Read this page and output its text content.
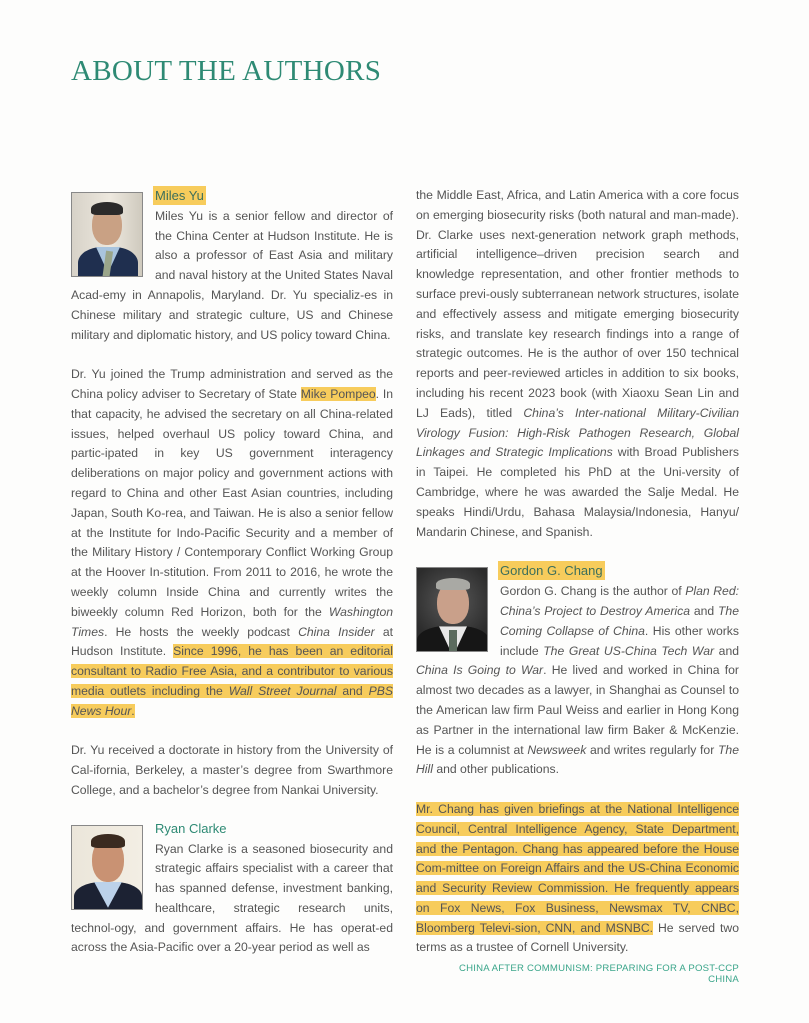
ABOUT THE AUTHORS
Miles Yu

Miles Yu is a senior fellow and director of the China Center at Hudson Institute. He is also a professor of East Asia and military and naval history at the United States Naval Acad-emy in Annapolis, Maryland. Dr. Yu specializ-es in Chinese military and strategic culture, US and Chinese military and diplomatic history, and US policy toward China.

Dr. Yu joined the Trump administration and served as the China policy adviser to Secretary of State Mike Pompeo. In that capacity, he advised the secretary on all China-related issues, helped overhaul US policy toward China, and partic-ipated in key US government interagency deliberations on major policy and government actions with regard to China and other East Asian countries, including Japan, South Ko-rea, and Taiwan. He is also a senior fellow at the Institute for Indo-Pacific Security and a member of the Military History / Contemporary Conflict Working Group at the Hoover In-stitution. From 2011 to 2016, he wrote the weekly column Inside China and currently writes the biweekly column Red Horizon, both for the Washington Times. He hosts the weekly podcast China Insider at Hudson Institute. Since 1996, he has been an editorial consultant to Radio Free Asia, and a contributor to various media outlets including the Wall Street Journal and PBS News Hour.

Dr. Yu received a doctorate in history from the University of Cal-ifornia, Berkeley, a master’s degree from Swarthmore College, and a bachelor’s degree from Nankai University.

Ryan Clarke

Ryan Clarke is a seasoned biosecurity and strategic affairs specialist with a career that has spanned defense, investment banking, healthcare, strategic research units, technol-ogy, and government affairs. He has operat-ed across the Asia-Pacific over a 20-year period as well as

the Middle East, Africa, and Latin America with a core focus on emerging biosecurity risks (both natural and man-made). Dr. Clarke uses next-generation network graph methods, artificial intelligence–driven precision search and knowledge representation, and other frontier methods to surface previ-ously subterranean network structures, isolate and effectively assess and mitigate emerging biosecurity risks, and translate key research findings into a range of strategic outcomes. He is the author of over 150 technical reports and peer-reviewed articles in addition to six books, including his recent 2023 book (with Xiaoxu Sean Lin and LJ Eads), titled China’s Inter-national Military-Civilian Virology Fusion: High-Risk Pathogen Research, Global Linkages and Strategic Implications with Broad Publishers in Taipei. He completed his PhD at the Uni-versity of Cambridge, where he was awarded the Salje Medal. He speaks Hindi/Urdu, Bahasa Malaysia/Indonesia, Hanyu/ Mandarin Chinese, and Spanish.

Gordon G. Chang

Gordon G. Chang is the author of Plan Red: China’s Project to Destroy America and The Coming Collapse of China. His other works include The Great US-China Tech War and China Is Going to War. He lived and worked in China for almost two decades as a lawyer, in Shanghai as Counsel to the American law firm Paul Weiss and earlier in Hong Kong as Partner in the international law firm Baker & McKenzie. He is a columnist at Newsweek and writes regularly for The Hill and other publications.

Mr. Chang has given briefings at the National Intelligence Council, Central Intelligence Agency, State Department, and the Pentagon. Chang has appeared before the House Com-mittee on Foreign Affairs and the US-China Economic and Security Review Commission. He frequently appears on Fox News, Fox Business, Newsmax TV, CNBC, Bloomberg Televi-sion, CNN, and MSNBC. He served two terms as a trustee of Cornell University.

CHINA AFTER COMMUNISM: PREPARING FOR A POST-CCP CHINA
